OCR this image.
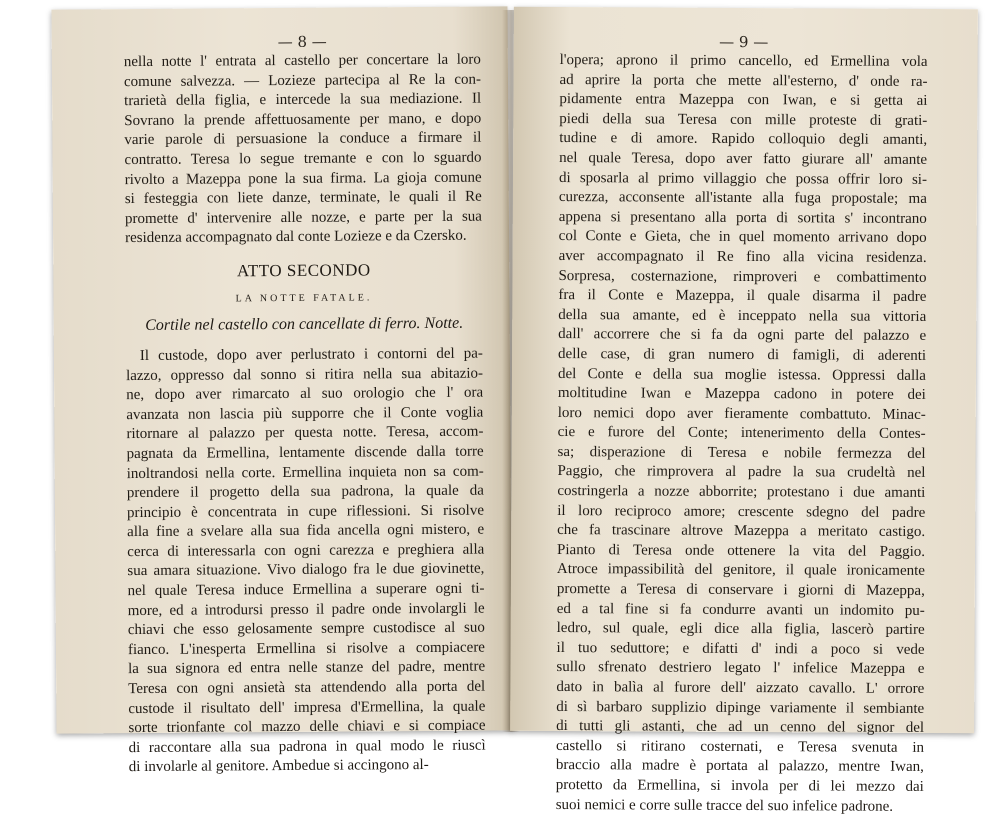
— 8 —

nella notte l' entrata al castello per concertare la loro
comune salvezza. — Lozieze partecipa al Re la con-
trarietà della figlia, e intercede la sua mediazione. Il
Sovrano la prende affettuosamente per mano, e dopo
varie parole di persuasione la conduce a firmare il
contratto. Teresa lo segue tremante e con lo sguardo
rivolto a Mazeppa pone la sua firma. La gioja comune
si festeggia con liete danze, terminate, le quali il Re
promette d' intervenire alle nozze, e parte per la sua
residenza accompagnato dal conte Lozieze e da Czersko.
ATTO SECONDO
LA NOTTE FATALE.
Cortile nel castello con cancellate di ferro. Notte.
Il custode, dopo aver perlustrato i contorni del pa-
lazzo, oppresso dal sonno si ritira nella sua abitazio-
ne, dopo aver rimarcato al suo orologio che l' ora
avanzata non lascia più supporre che il Conte voglia
ritornare al palazzo per questa notte. Teresa, accom-
pagnata da Ermellina, lentamente discende dalla torre
inoltrandosi nella corte. Ermellina inquieta non sa com-
prendere il progetto della sua padrona, la quale da
principio è concentrata in cupe riflessioni. Si risolve
alla fine a svelare alla sua fida ancella ogni mistero, e
cerca di interessarla con ogni carezza e preghiera alla
sua amara situazione. Vivo dialogo fra le due giovinette,
nel quale Teresa induce Ermellina a superare ogni ti-
more, ed a introdursi presso il padre onde involargli le
chiavi che esso gelosamente sempre custodisce al suo
fianco. L'inesperta Ermellina si risolve a compiacere
la sua signora ed entra nelle stanze del padre, mentre
Teresa con ogni ansietà sta attendendo alla porta del
custode il risultato dell' impresa d'Ermellina, la quale
sorte trionfante col mazzo delle chiavi e si compiace
di raccontare alla sua padrona in qual modo le riuscì
di involarle al genitore. Ambedue si accingono al-

— 9 —

l'opera; aprono il primo cancello, ed Ermellina vola
ad aprire la porta che mette all'esterno, d' onde ra-
pidamente entra Mazeppa con Iwan, e si getta ai
piedi della sua Teresa con mille proteste di grati-
tudine e di amore. Rapido colloquio degli amanti,
nel quale Teresa, dopo aver fatto giurare all' amante
di sposarla al primo villaggio che possa offrir loro si-
curezza, acconsente all'istante alla fuga propostale; ma
appena si presentano alla porta di sortita s' incontrano
col Conte e Gieta, che in quel momento arrivano dopo
aver accompagnato il Re fino alla vicina residenza.
Sorpresa, costernazione, rimproveri e combattimento
fra il Conte e Mazeppa, il quale disarma il padre
della sua amante, ed è inceppato nella sua vittoria
dall' accorrere che si fa da ogni parte del palazzo e
delle case, di gran numero di famigli, di aderenti
del Conte e della sua moglie istessa. Oppressi dalla
moltitudine Iwan e Mazeppa cadono in potere dei
loro nemici dopo aver fieramente combattuto. Minac-
cie e furore del Conte; intenerimento della Contes-
sa; disperazione di Teresa e nobile fermezza del
Paggio, che rimprovera al padre la sua crudeltà nel
costringerla a nozze abborrite; protestano i due amanti
il loro reciproco amore; crescente sdegno del padre
che fa trascinare altrove Mazeppa a meritato castigo.
Pianto di Teresa onde ottenere la vita del Paggio.
Atroce impassibilità del genitore, il quale ironicamente
promette a Teresa di conservare i giorni di Mazeppa,
ed a tal fine si fa condurre avanti un indomito pu-
ledro, sul quale, egli dice alla figlia, lascerò partire
il tuo seduttore; e difatti d' indi a poco si vede
sullo sfrenato destriero legato l' infelice Mazeppa e
dato in balìa al furore dell' aizzato cavallo. L' orrore
di sì barbaro supplizio dipinge variamente il sembiante
di tutti gli astanti, che ad un cenno del signor del
castello si ritirano costernati, e Teresa svenuta in
braccio alla madre è portata al palazzo, mentre Iwan,
protetto da Ermellina, si invola per di lei mezzo dai
suoi nemici e corre sulle tracce del suo infelice padrone.
